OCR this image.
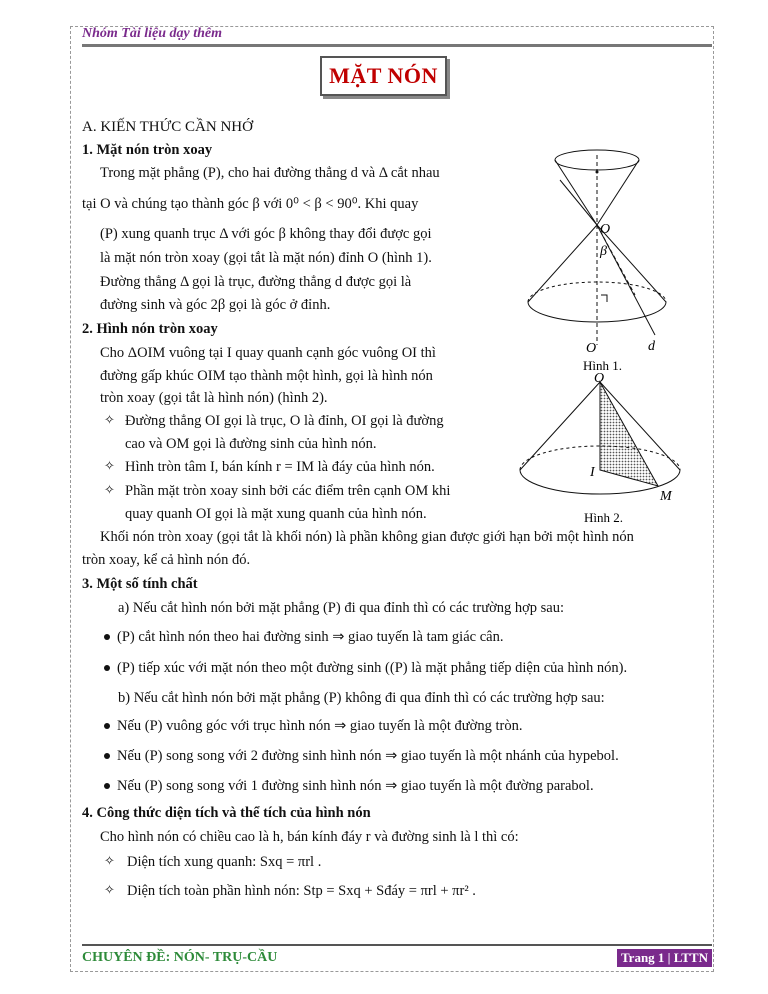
Nhóm Tài liệu dạy thêm
MẶT NÓN
A. KIẾN THỨC CẦN NHỚ
1. Mặt nón tròn xoay
Trong mặt phẳng (P), cho hai đường thẳng d và Δ cắt nhau
tại O và chúng tạo thành góc β với 0⁰ < β < 90⁰. Khi quay
(P) xung quanh trục Δ với góc β không thay đổi được gọi
là mặt nón tròn xoay (gọi tắt là mặt nón) đỉnh O (hình 1).
Đường thẳng Δ gọi là trục, đường thẳng d được gọi là
đường sinh và góc 2β gọi là góc ở đỉnh.
2. Hình nón tròn xoay
Cho ΔOIM vuông tại I quay quanh cạnh góc vuông OI thì
đường gấp khúc OIM tạo thành một hình, gọi là hình nón
tròn xoay (gọi tắt là hình nón) (hình 2).
✧ Đường thẳng OI gọi là trục, O là đỉnh, OI gọi là đường
cao và OM gọi là đường sinh của hình nón.
✧ Hình tròn tâm I, bán kính r = IM là đáy của hình nón.
✧ Phần mặt tròn xoay sinh bởi các điểm trên cạnh OM khi
quay quanh OI gọi là mặt xung quanh của hình nón.
Khối nón tròn xoay (gọi tắt là khối nón) là phần không gian được giới hạn bởi một hình nón
tròn xoay, kể cả hình nón đó.
3. Một số tính chất
a) Nếu cắt hình nón bởi mặt phẳng (P) đi qua đỉnh thì có các trường hợp sau:
(P) cắt hình nón theo hai đường sinh ⇒ giao tuyến là tam giác cân.
(P) tiếp xúc với mặt nón theo một đường sinh ((P) là mặt phẳng tiếp diện của hình nón).
b) Nếu cắt hình nón bởi mặt phẳng (P) không đi qua đỉnh thì có các trường hợp sau:
Nếu (P) vuông góc với trục hình nón ⇒ giao tuyến là một đường tròn.
Nếu (P) song song với 2 đường sinh hình nón ⇒ giao tuyến là một nhánh của hypebol.
Nếu (P) song song với 1 đường sinh hình nón ⇒ giao tuyến là một đường parabol.
4. Công thức diện tích và thể tích của hình nón
Cho hình nón có chiều cao là h, bán kính đáy r và đường sinh là l thì có:
✧ Diện tích xung quanh: Sxq = πrl .
✧ Diện tích toàn phần hình nón: Stp = Sxq + Sđáy = πrl + πr² .
O
β
O	d
Hình 1.
O
I
M
Hình 2.
CHUYÊN ĐỀ: NÓN- TRỤ-CẦU	Trang 1 | LTTN
